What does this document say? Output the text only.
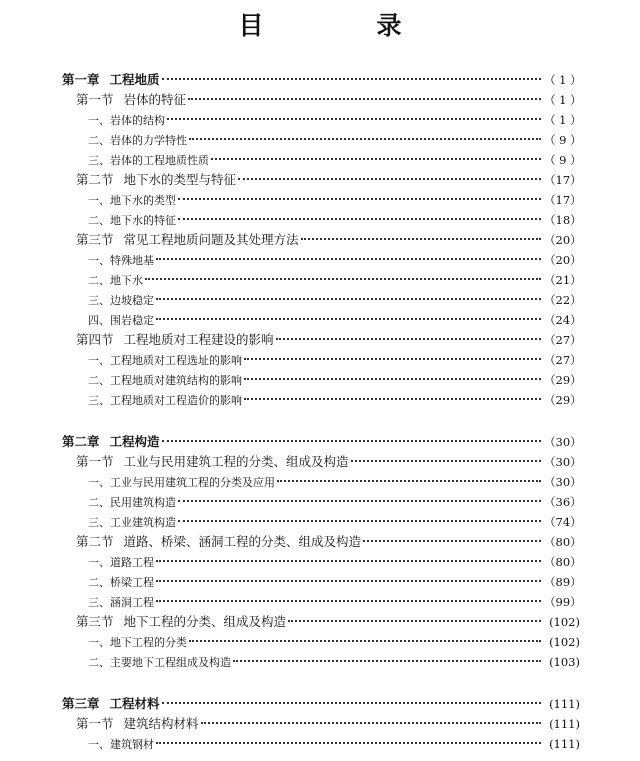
目　录
第一章 工程地质	（ 1 ）
第一节 岩体的特征	（ 1 ）
一、岩体的结构	（ 1 ）
二、岩体的力学特性	（ 9 ）
三、岩体的工程地质性质	（ 9 ）
第二节 地下水的类型与特征	（17）
一、地下水的类型	（17）
二、地下水的特征	（18）
第三节 常见工程地质问题及其处理方法	（20）
一、特殊地基	（20）
二、地下水	（21）
三、边坡稳定	（22）
四、围岩稳定	（24）
第四节 工程地质对工程建设的影响	（27）
一、工程地质对工程选址的影响	（27）
二、工程地质对建筑结构的影响	（29）
三、工程地质对工程造价的影响	（29）
第二章 工程构造	（30）
第一节 工业与民用建筑工程的分类、组成及构造	（30）
一、工业与民用建筑工程的分类及应用	（30）
二、民用建筑构造	（36）
三、工业建筑构造	（74）
第二节 道路、桥梁、涵洞工程的分类、组成及构造	（80）
一、道路工程	（80）
二、桥梁工程	（89）
三、涵洞工程	（99）
第三节 地下工程的分类、组成及构造	(102)
一、地下工程的分类	(102)
二、主要地下工程组成及构造	(103)
第三章 工程材料	(111)
第一节 建筑结构材料	(111)
一、建筑钢材	(111)
